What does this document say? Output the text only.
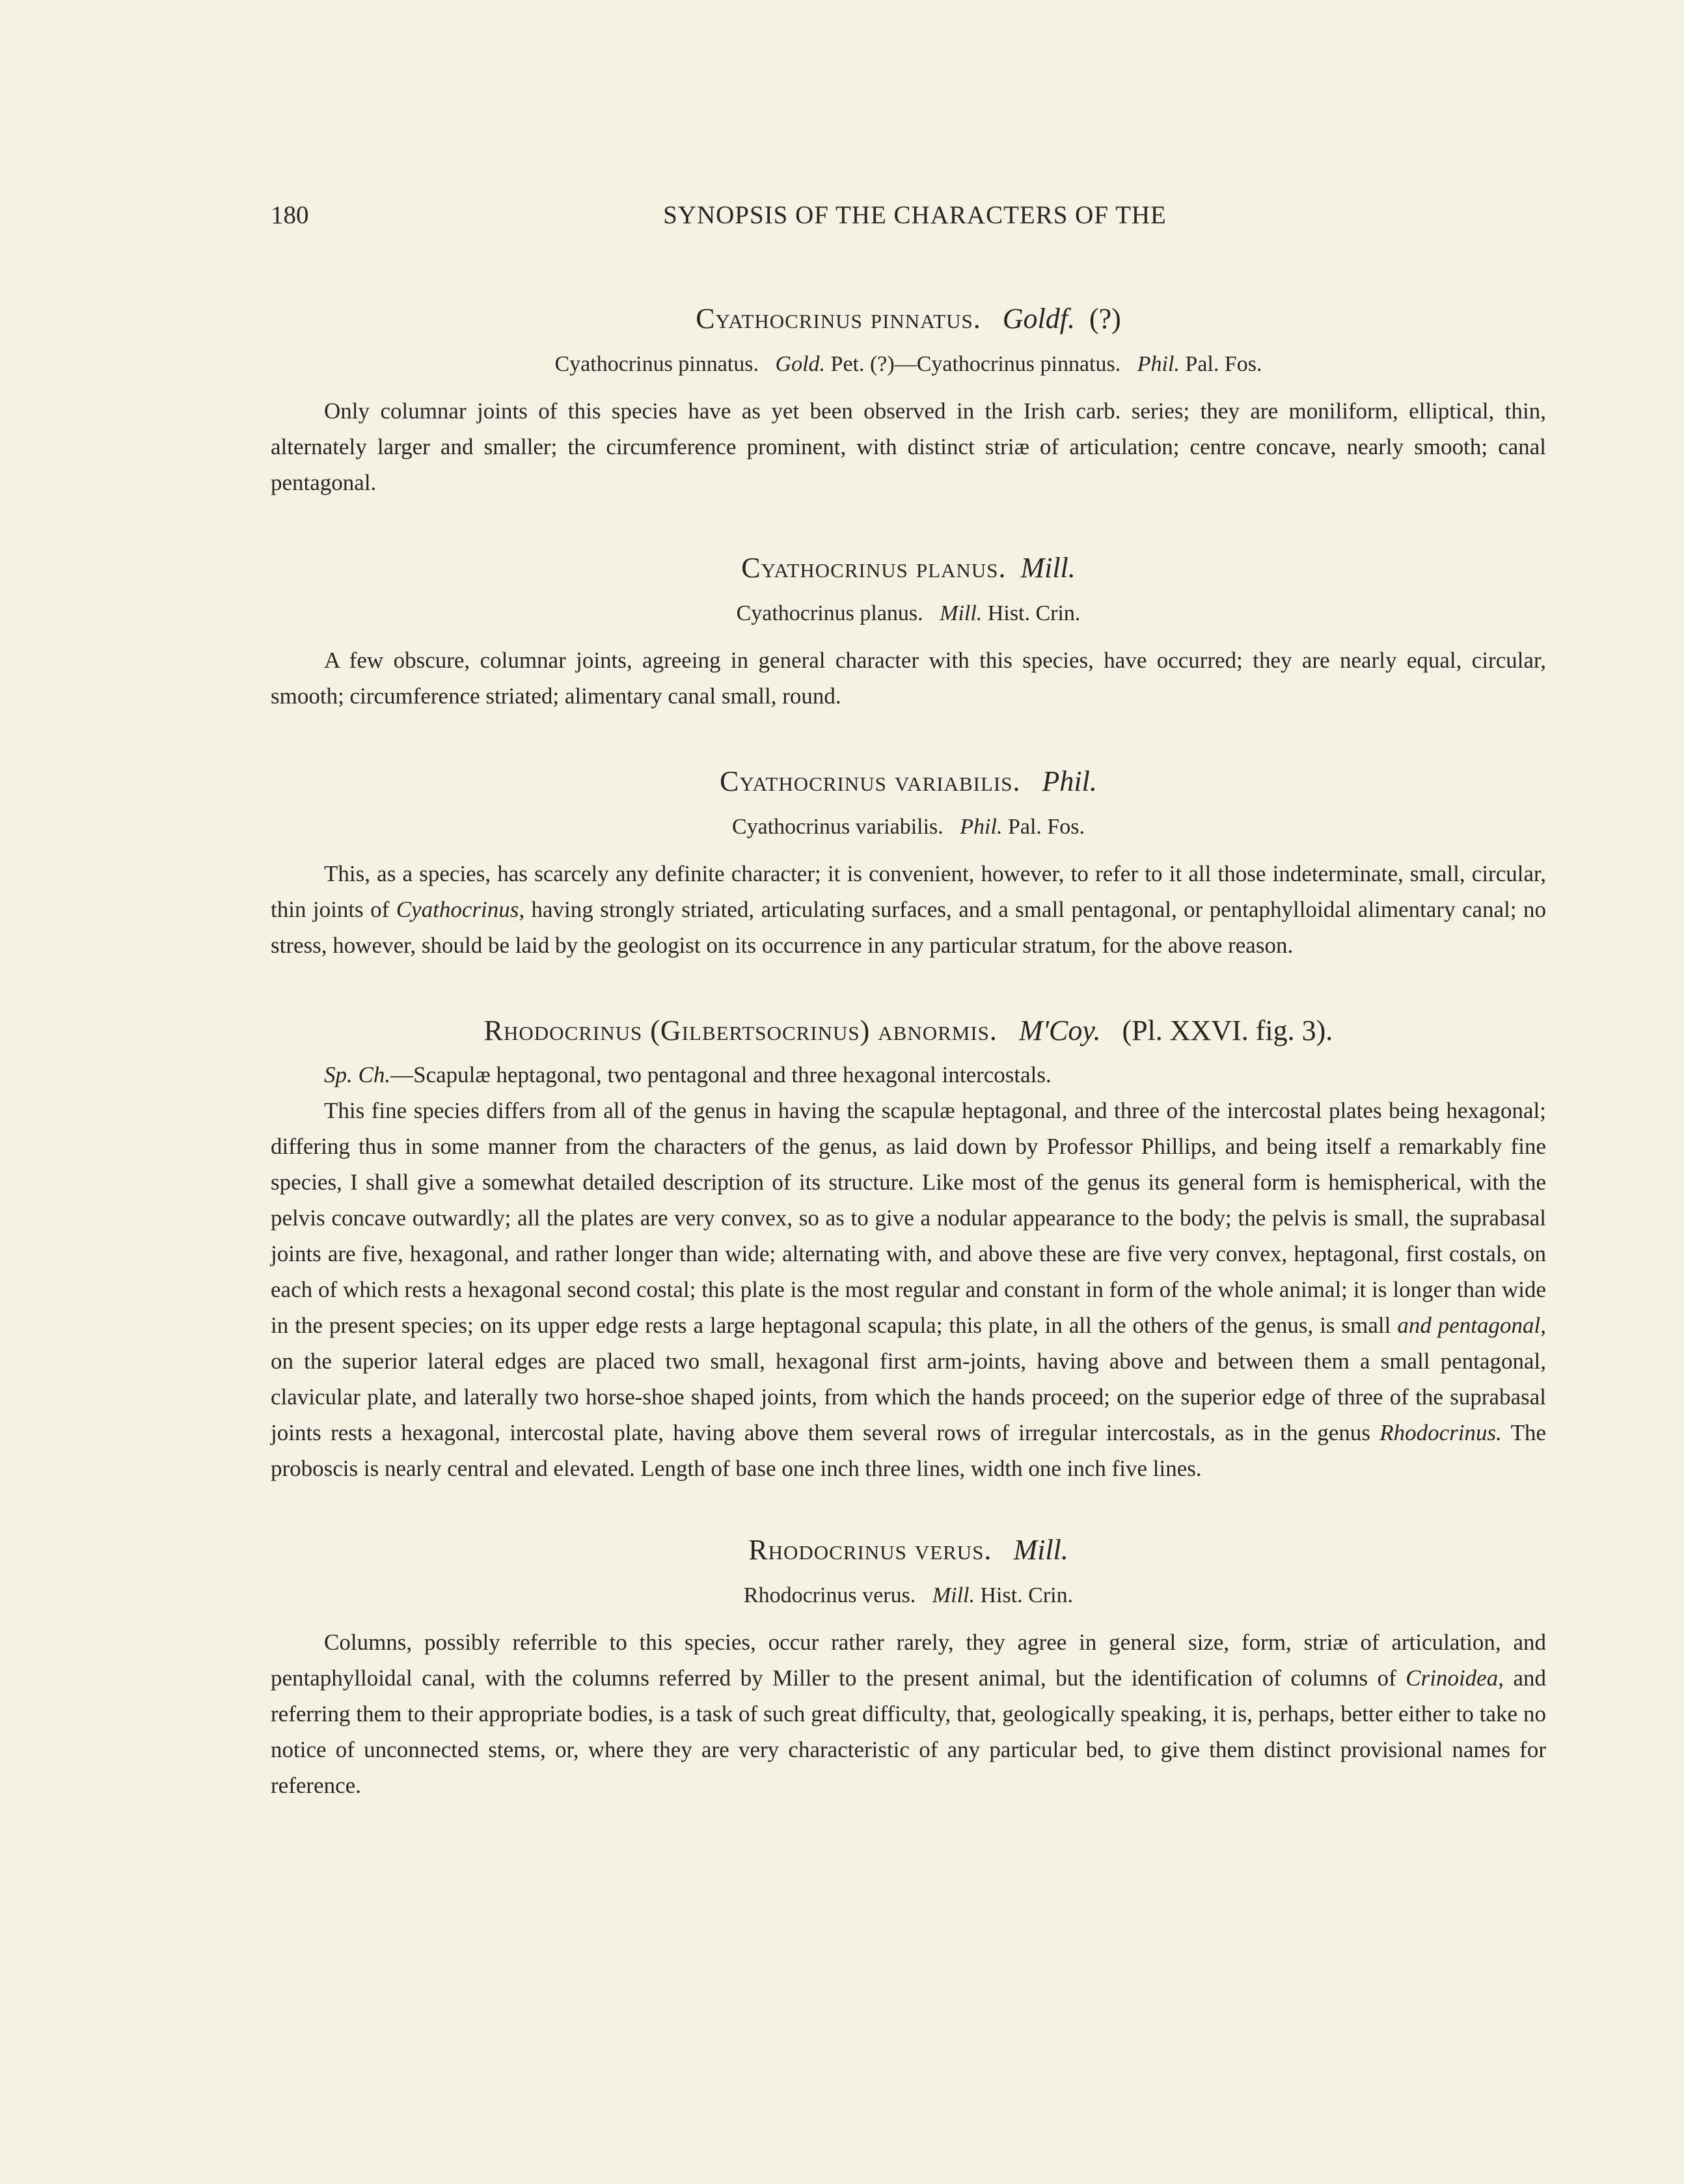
180	SYNOPSIS OF THE CHARACTERS OF THE
Cyathocrinus pinnatus. Goldf. (?)
Cyathocrinus pinnatus. Gold. Pet. (?)—Cyathocrinus pinnatus. Phil. Pal. Fos.

Only columnar joints of this species have as yet been observed in the Irish carb. series; they are moniliform, elliptical, thin, alternately larger and smaller; the circumference prominent, with distinct striæ of articulation; centre concave, nearly smooth; canal pentagonal.

Cyathocrinus planus. Mill.
Cyathocrinus planus. Mill. Hist. Crin.

A few obscure, columnar joints, agreeing in general character with this species, have occurred; they are nearly equal, circular, smooth; circumference striated; alimentary canal small, round.

Cyathocrinus variabilis. Phil.
Cyathocrinus variabilis. Phil. Pal. Fos.

This, as a species, has scarcely any definite character; it is convenient, however, to refer to it all those indeterminate, small, circular, thin joints of Cyathocrinus, having strongly striated, articulating surfaces, and a small pentagonal, or pentaphylloidal alimentary canal; no stress, however, should be laid by the geologist on its occurrence in any particular stratum, for the above reason.

Rhodocrinus (Gilbertsocrinus) abnormis. M'Coy. (Pl. XXVI. fig. 3).

Sp. Ch.—Scapulæ heptagonal, two pentagonal and three hexagonal intercostals.

This fine species differs from all of the genus in having the scapulæ heptagonal, and three of the intercostal plates being hexagonal; differing thus in some manner from the characters of the genus, as laid down by Professor Phillips, and being itself a remarkably fine species, I shall give a somewhat detailed description of its structure. Like most of the genus its general form is hemispherical, with the pelvis concave outwardly; all the plates are very convex, so as to give a nodular appearance to the body; the pelvis is small, the suprabasal joints are five, hexagonal, and rather longer than wide; alternating with, and above these are five very convex, heptagonal, first costals, on each of which rests a hexagonal second costal; this plate is the most regular and constant in form of the whole animal; it is longer than wide in the present species; on its upper edge rests a large heptagonal scapula; this plate, in all the others of the genus, is small and pentagonal, on the superior lateral edges are placed two small, hexagonal first arm-joints, having above and between them a small pentagonal, clavicular plate, and laterally two horse-shoe shaped joints, from which the hands proceed; on the superior edge of three of the suprabasal joints rests a hexagonal, intercostal plate, having above them several rows of irregular intercostals, as in the genus Rhodocrinus. The proboscis is nearly central and elevated. Length of base one inch three lines, width one inch five lines.

Rhodocrinus verus. Mill.
Rhodocrinus verus. Mill. Hist. Crin.

Columns, possibly referrible to this species, occur rather rarely, they agree in general size, form, striæ of articulation, and pentaphylloidal canal, with the columns referred by Miller to the present animal, but the identification of columns of Crinoidea, and referring them to their appropriate bodies, is a task of such great difficulty, that, geologically speaking, it is, perhaps, better either to take no notice of unconnected stems, or, where they are very characteristic of any particular bed, to give them distinct provisional names for reference.
